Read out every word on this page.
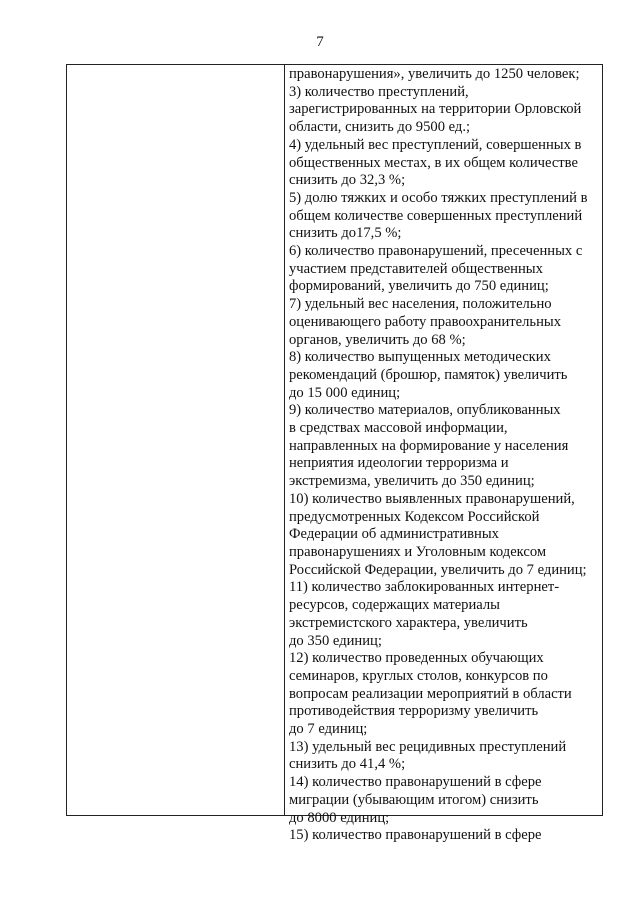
7
правонарушения», увеличить до 1250 человек;
3) количество преступлений,
зарегистрированных на территории Орловской
области, снизить до 9500 ед.;
4) удельный вес преступлений, совершенных в
общественных местах, в их общем количестве
снизить до 32,3 %;
5) долю тяжких и особо тяжких преступлений в
общем количестве совершенных преступлений
снизить до17,5 %;
6) количество правонарушений, пресеченных с
участием представителей общественных
формирований, увеличить до 750 единиц;
7) удельный вес населения, положительно
оценивающего работу правоохранительных
органов, увеличить до 68 %;
8) количество выпущенных методических
рекомендаций (брошюр, памяток) увеличить
до 15 000 единиц;
9) количество материалов, опубликованных
в средствах массовой информации,
направленных на формирование у населения
неприятия идеологии терроризма и
экстремизма, увеличить до 350 единиц;
10) количество выявленных правонарушений,
предусмотренных Кодексом Российской
Федерации об административных
правонарушениях и Уголовным кодексом
Российской Федерации, увеличить до 7 единиц;
11) количество заблокированных интернет-
ресурсов, содержащих материалы
экстремистского характера, увеличить
до 350 единиц;
12) количество проведенных обучающих
семинаров, круглых столов, конкурсов по
вопросам реализации мероприятий в области
противодействия терроризму увеличить
до 7 единиц;
13) удельный вес рецидивных преступлений
снизить до 41,4 %;
14) количество правонарушений в сфере
миграции (убывающим итогом) снизить
до 8000 единиц;
15) количество правонарушений в сфере
